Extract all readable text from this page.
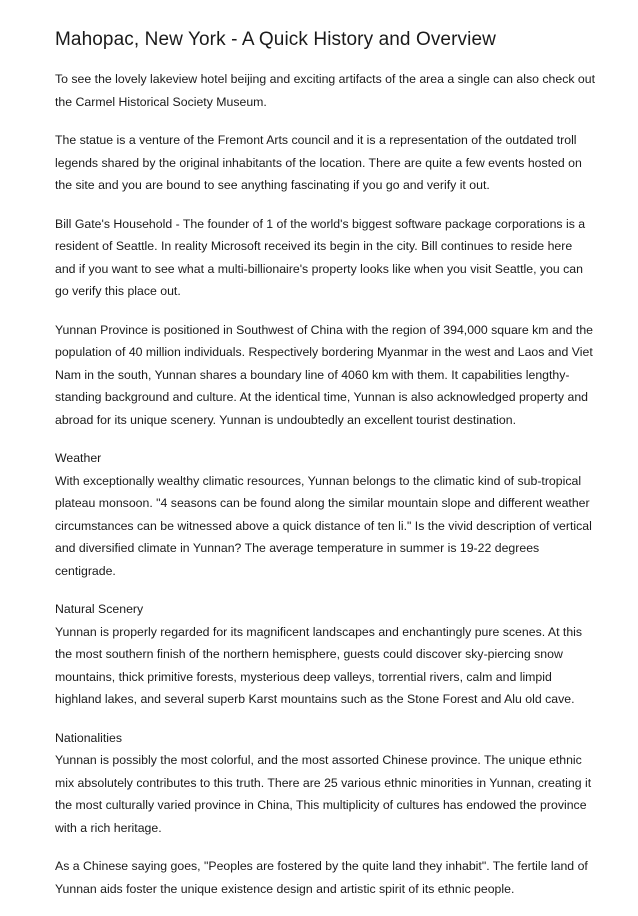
Mahopac, New York - A Quick History and Overview

To see the lovely lakeview hotel beijing and exciting artifacts of the area a single can also check out the Carmel Historical Society Museum.

The statue is a venture of the Fremont Arts council and it is a representation of the outdated troll legends shared by the original inhabitants of the location. There are quite a few events hosted on the site and you are bound to see anything fascinating if you go and verify it out.

Bill Gate's Household - The founder of 1 of the world's biggest software package corporations is a resident of Seattle. In reality Microsoft received its begin in the city. Bill continues to reside here and if you want to see what a multi-billionaire's property looks like when you visit Seattle, you can go verify this place out.

Yunnan Province is positioned in Southwest of China with the region of 394,000 square km and the population of 40 million individuals. Respectively bordering Myanmar in the west and Laos and Viet Nam in the south, Yunnan shares a boundary line of 4060 km with them. It capabilities lengthy-standing background and culture. At the identical time, Yunnan is also acknowledged property and abroad for its unique scenery. Yunnan is undoubtedly an excellent tourist destination.

Weather
With exceptionally wealthy climatic resources, Yunnan belongs to the climatic kind of sub-tropical plateau monsoon. "4 seasons can be found along the similar mountain slope and different weather circumstances can be witnessed above a quick distance of ten li." Is the vivid description of vertical and diversified climate in Yunnan? The average temperature in summer is 19-22 degrees centigrade.

Natural Scenery
Yunnan is properly regarded for its magnificent landscapes and enchantingly pure scenes. At this the most southern finish of the northern hemisphere, guests could discover sky-piercing snow mountains, thick primitive forests, mysterious deep valleys, torrential rivers, calm and limpid highland lakes, and several superb Karst mountains such as the Stone Forest and Alu old cave.

Nationalities
Yunnan is possibly the most colorful, and the most assorted Chinese province. The unique ethnic mix absolutely contributes to this truth. There are 25 various ethnic minorities in Yunnan, creating it the most culturally varied province in China, This multiplicity of cultures has endowed the province with a rich heritage.

As a Chinese saying goes, "Peoples are fostered by the quite land they inhabit". The fertile land of Yunnan aids foster the unique existence design and artistic spirit of its ethnic people.
